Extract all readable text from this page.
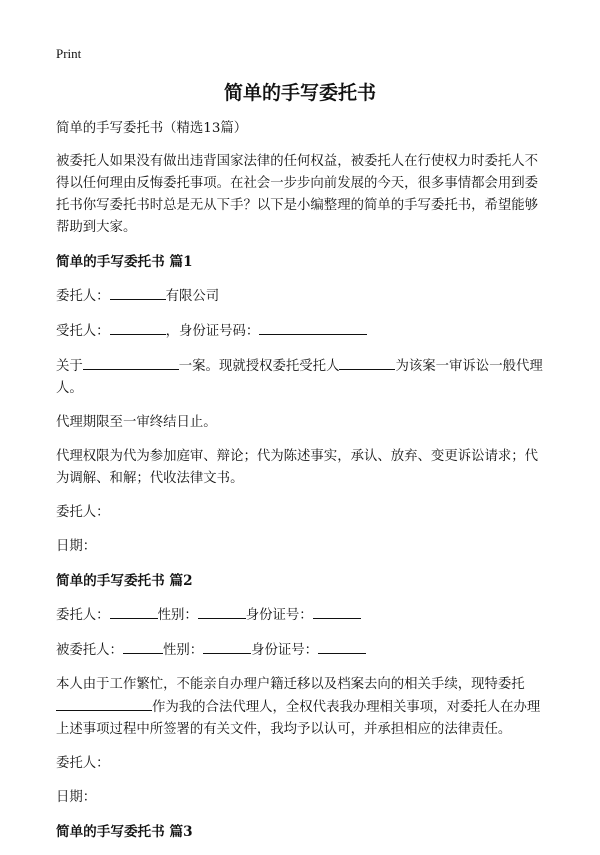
Print
简单的手写委托书

简单的手写委托书（精选13篇）

被委托人如果没有做出违背国家法律的任何权益，被委托人在行使权力时委托人不得以任何理由反悔委托事项。在社会一步步向前发展的今天，很多事情都会用到委托书你写委托书时总是无从下手？以下是小编整理的简单的手写委托书，希望能够帮助到大家。

简单的手写委托书 篇1

委托人：	有限公司

受托人：	，身份证号码：

关于	一案。现就授权委托受托人	为该案一审诉讼一般代理人。

代理期限至一审终结日止。

代理权限为代为参加庭审、辩论；代为陈述事实，承认、放弃、变更诉讼请求；代为调解、和解；代收法律文书。

委托人：

日期：

简单的手写委托书 篇2

委托人：	性别：	身份证号：

被委托人：	性别：	身份证号：

本人由于工作繁忙，不能亲自办理户籍迁移以及档案去向的相关手续，现特委托作为我的合法代理人，全权代表我办理相关事项，对委托人在办理上述事项过程中所签署的有关文件，我均予以认可，并承担相应的法律责任。

委托人：

日期：

简单的手写委托书 篇3
